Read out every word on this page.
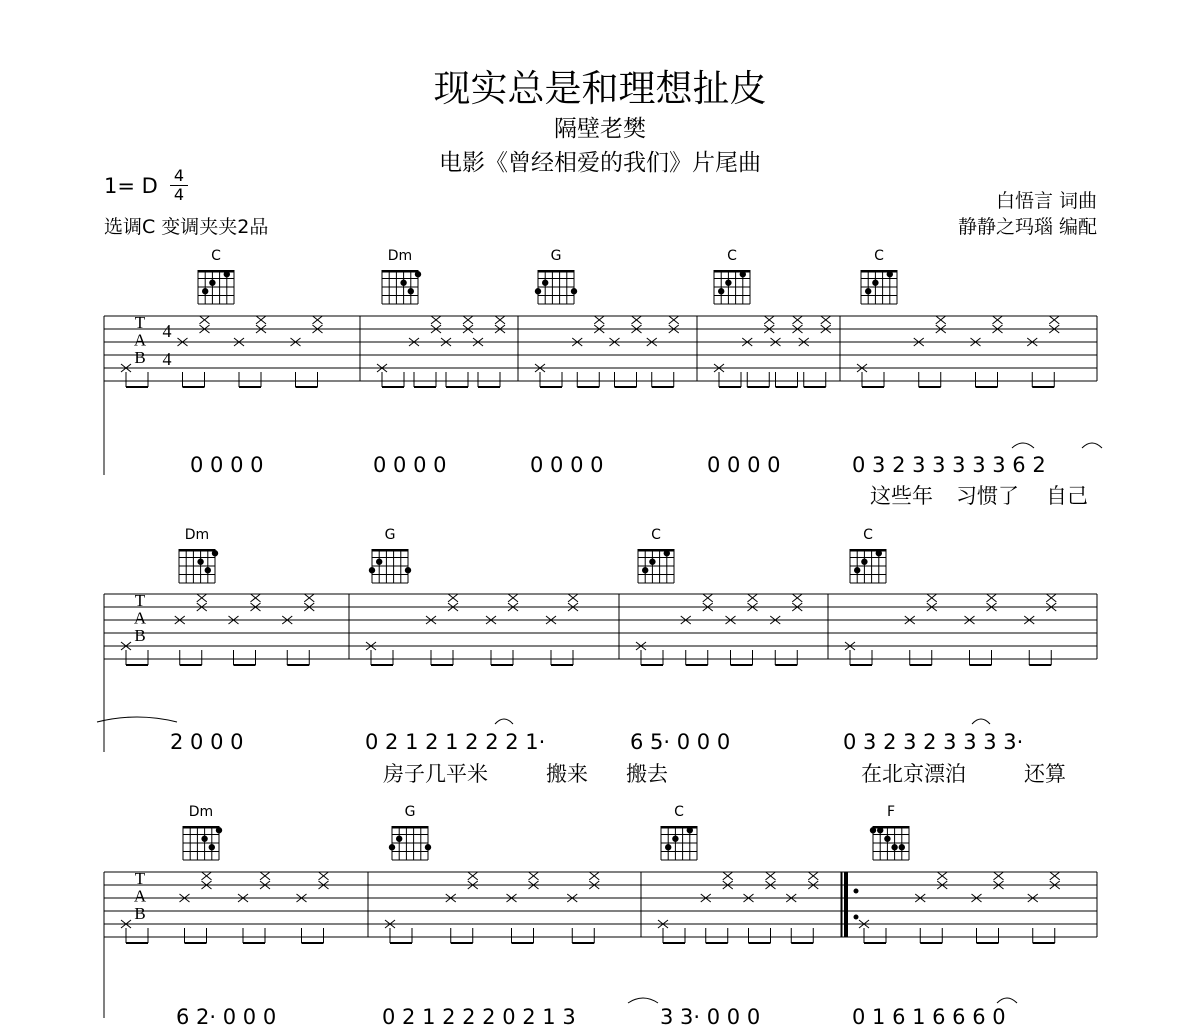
现实总是和理想扯皮
隔壁老樊
电影《曾经相爱的我们》片尾曲
1= D 4
4
选调C 变调夹夹2品
白悟言 词曲
静静之玛瑙 编配
T
A
B
T
A
B
T
A
B
4
4
C	Dm	G	C	C
Dm	G	C	C
Dm	G	C	F
0 0 0 0	0 0 0 0	0 0 0 0	0 0 0 0	0 3 2 3 3 3 3 3 6 2
这些年 习惯了 自己
2 0 0 0	0 2 1 2 1 2 2 2 1·	6 5· 0 0 0	0 3 2 3 2 3 3 3 3·
房子几平米	搬来 搬去	在北京漂泊	还算
6 2· 0 0 0	0 2 1 2 2 2 0 2 1 3	3 3· 0 0 0	0 1 6 1 6 6 6 0
